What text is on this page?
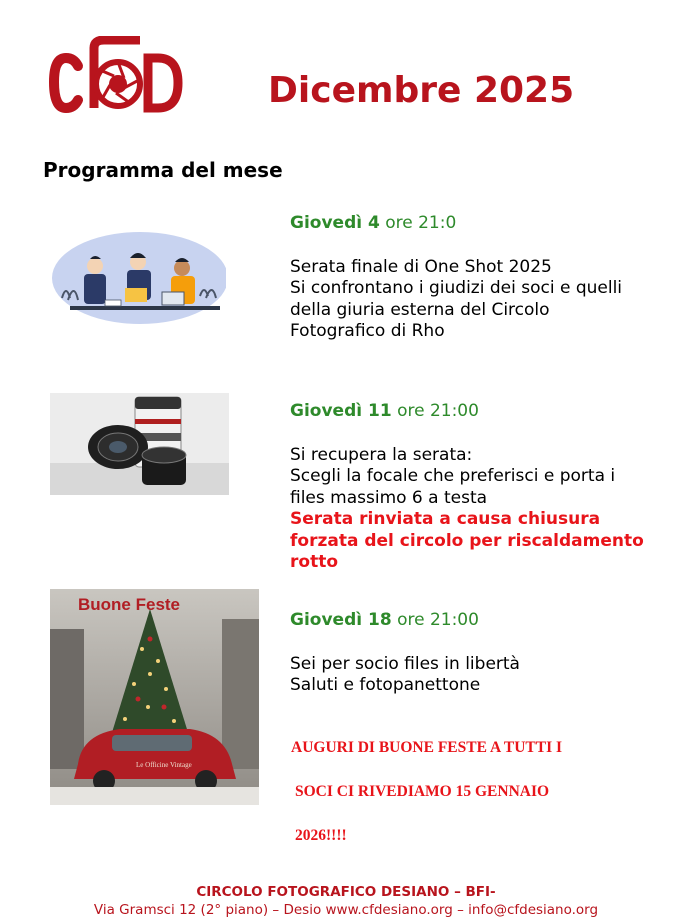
Dicembre 2025
Programma del mese
Buone Feste
Le Officine Vintage
Giovedì 4 ore 21:0
Serata finale di One Shot 2025
Si confrontano i giudizi dei soci e quelli
della giuria esterna del Circolo
Fotografico di Rho
Giovedì 11 ore 21:00
Si recupera la serata:
Scegli la focale che preferisci e porta i
files massimo 6 a testa
Serata rinviata a causa chiusura
forzata del circolo per riscaldamento
rotto
Giovedì 18 ore 21:00
Sei per socio files in libertà
Saluti e fotopanettone
AUGURI DI BUONE FESTE A TUTTI I
SOCI CI RIVEDIAMO 15 GENNAIO
2026!!!!
CIRCOLO FOTOGRAFICO DESIANO – BFI-
Via Gramsci 12 (2° piano) – Desio www.cfdesiano.org – info@cfdesiano.org
